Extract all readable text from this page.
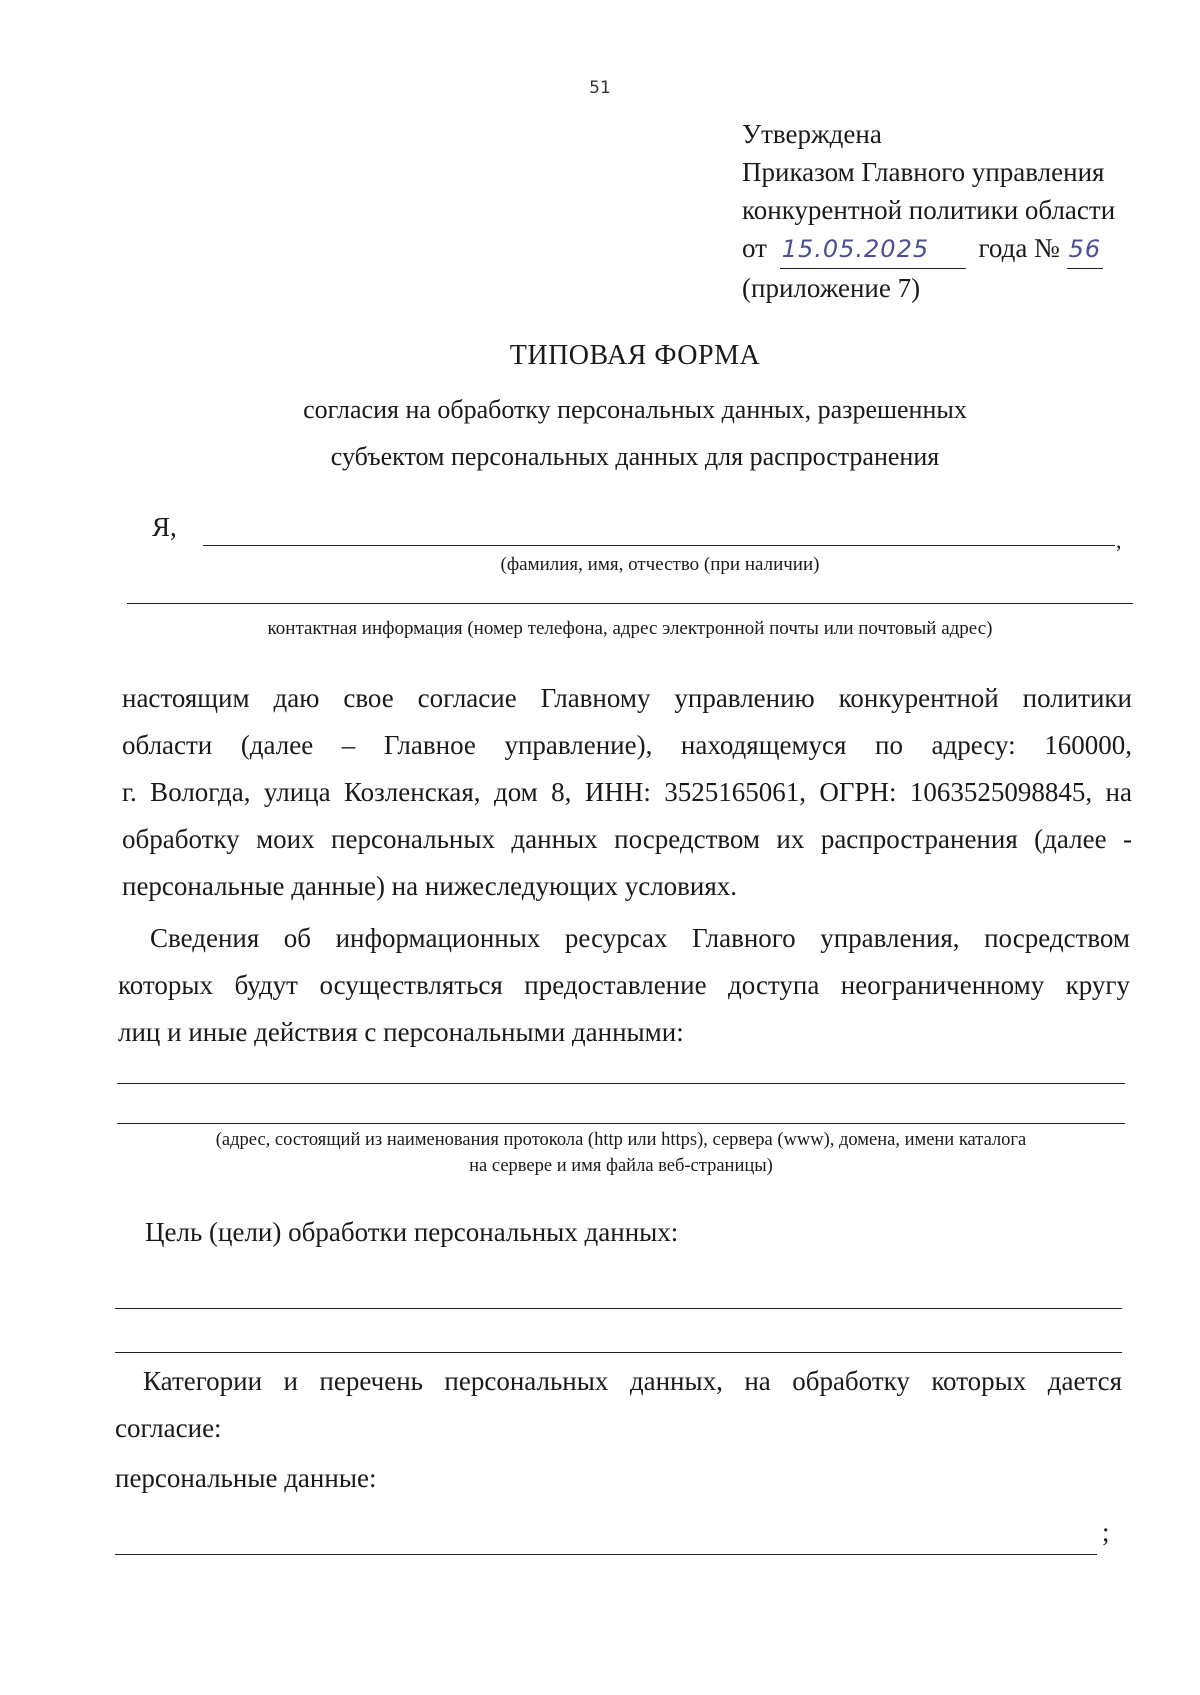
51
Утверждена
Приказом Главного управления
конкурентной политики области
от 15.05.2025 года № 56
(приложение 7)
ТИПОВАЯ ФОРМА
согласия на обработку персональных данных, разрешенных
субъектом персональных данных для распространения
Я,	,
(фамилия, имя, отчество (при наличии)
контактная информация (номер телефона, адрес электронной почты или почтовый адрес)
настоящим даю свое согласие Главному управлению конкурентной политики
области (далее – Главное управление), находящемуся по адресу: 160000,
г. Вологда, улица Козленская, дом 8, ИНН: 3525165061, ОГРН: 1063525098845, на
обработку моих персональных данных посредством их распространения (далее -
персональные данные) на нижеследующих условиях.
Сведения об информационных ресурсах Главного управления, посредством
которых будут осуществляться предоставление доступа неограниченному кругу
лиц и иные действия с персональными данными:
(адрес, состоящий из наименования протокола (http или https), сервера (www), домена, имени каталога
на сервере и имя файла веб-страницы)
Цель (цели) обработки персональных данных:
Категории и перечень персональных данных, на обработку которых дается
согласие:
персональные данные:
;
